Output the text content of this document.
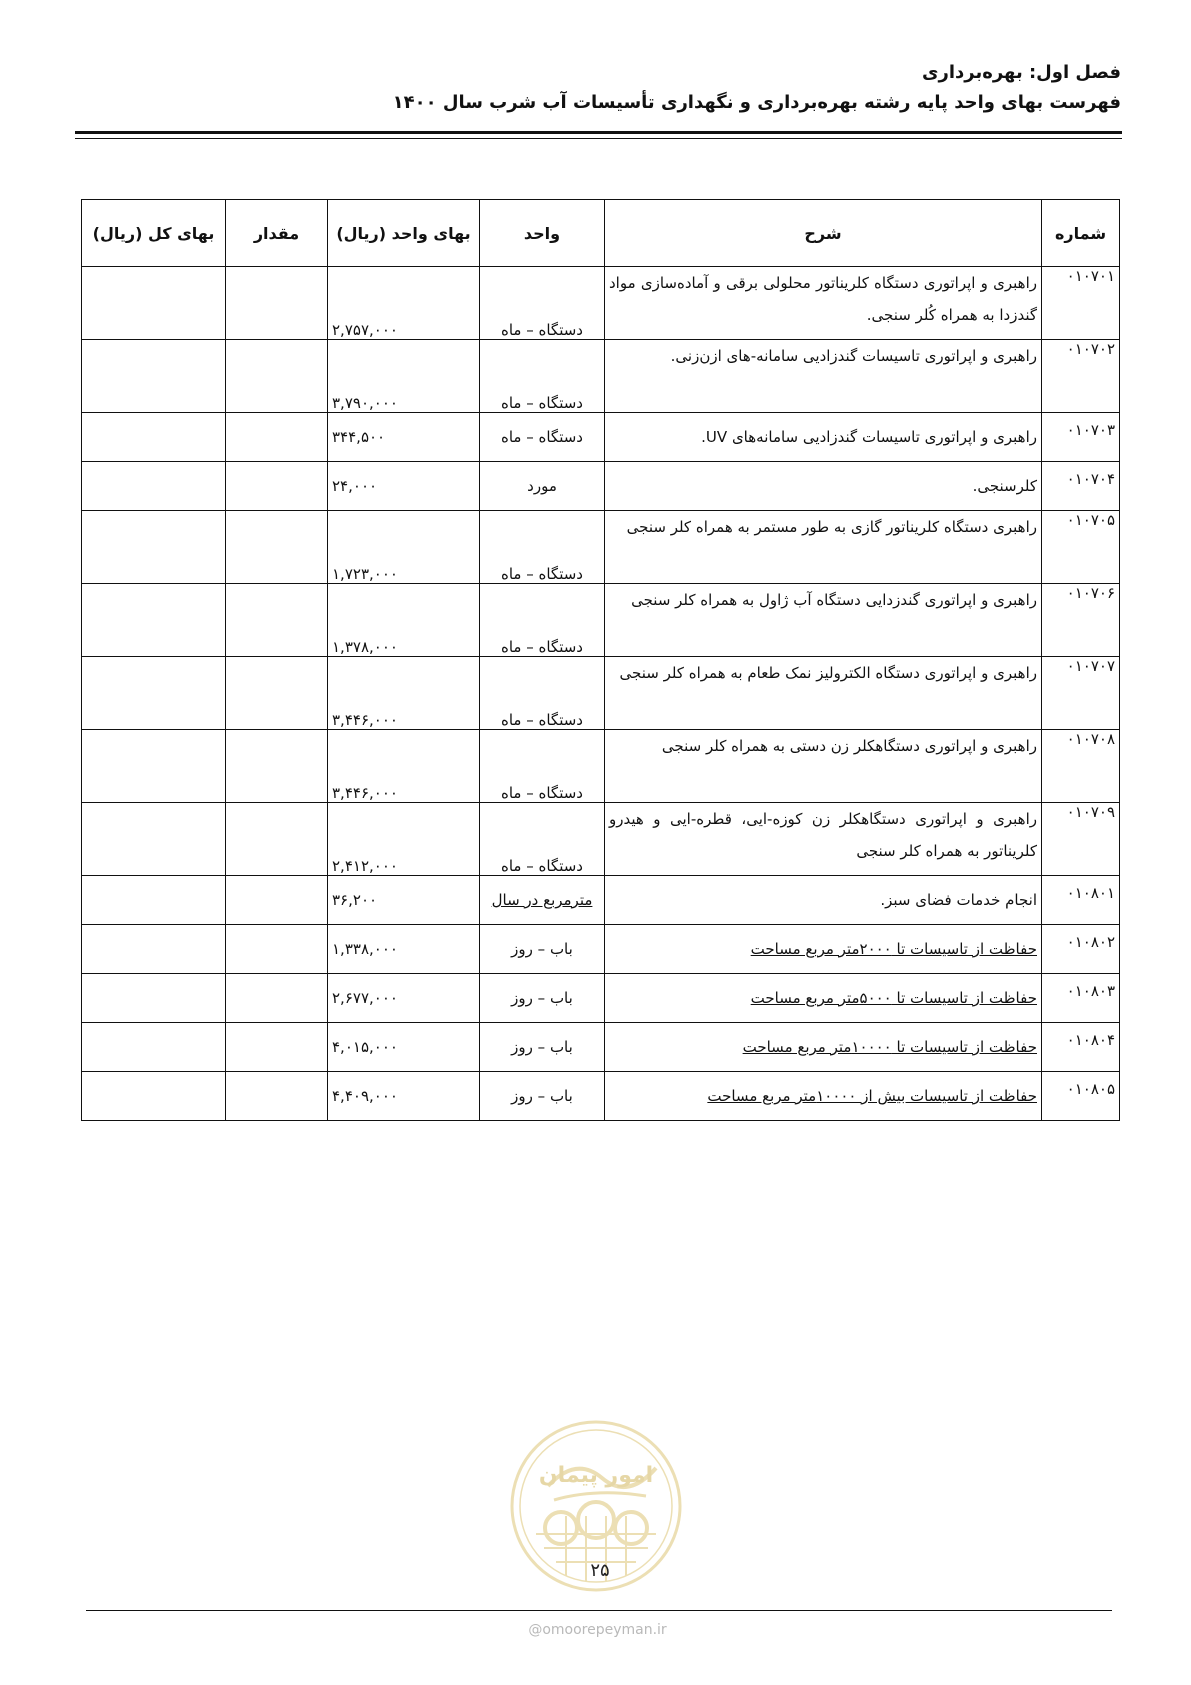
فصل اول: بهره‌برداری
فهرست بهای واحد پایه رشته بهره‌برداری و نگهداری تأسیسات آب شرب سال ۱۴۰۰
شماره	شرح	واحد	بهای واحد (ریال)	مقدار	بهای کل (ریال)
۰۱۰۷۰۱	راهبری و اپراتوری دستگاه کلریناتور محلولی برقی و آماده‌سازی مواد گندزدا به همراه کُلر سنجی.	دستگاه – ماه	۲,۷۵۷,۰۰۰		
۰۱۰۷۰۲	راهبری و اپراتوری تاسیسات گندزادیی سامانه-های ازن‌زنی.	دستگاه – ماه	۳,۷۹۰,۰۰۰		
۰۱۰۷۰۳	راهبری و اپراتوری تاسیسات گندزادیی سامانه‌های UV.	دستگاه – ماه	۳۴۴,۵۰۰		
۰۱۰۷۰۴	کلرسنجی.	مورد	۲۴,۰۰۰		
۰۱۰۷۰۵	راهبری دستگاه کلریناتور گازی به طور مستمر به همراه کلر سنجی	دستگاه – ماه	۱,۷۲۳,۰۰۰		
۰۱۰۷۰۶	راهبری و اپراتوری گندزدایی دستگاه آب ژاول به همراه کلر سنجی	دستگاه – ماه	۱,۳۷۸,۰۰۰		
۰۱۰۷۰۷	راهبری و اپراتوری دستگاه الکترولیز نمک طعام به همراه کلر سنجی	دستگاه – ماه	۳,۴۴۶,۰۰۰		
۰۱۰۷۰۸	راهبری و اپراتوری دستگاهکلر زن دستی به همراه کلر سنجی	دستگاه – ماه	۳,۴۴۶,۰۰۰		
۰۱۰۷۰۹	راهبری و اپراتوری دستگاهکلر زن کوزه-ایی، قطره-ایی و هیدرو کلریناتور به همراه کلر سنجی	دستگاه – ماه	۲,۴۱۲,۰۰۰		
۰۱۰۸۰۱	انجام خدمات فضای سبز.	مترمربع در سال	۳۶,۲۰۰		
۰۱۰۸۰۲	حفاظت از تاسیسات تا ۲۰۰۰متر مربع مساحت	باب – روز	۱,۳۳۸,۰۰۰		
۰۱۰۸۰۳	حفاظت از تاسیسات تا ۵۰۰۰متر مربع مساحت	باب – روز	۲,۶۷۷,۰۰۰		
۰۱۰۸۰۴	حفاظت از تاسیسات تا ۱۰۰۰۰متر مربع مساحت	باب – روز	۴,۰۱۵,۰۰۰		
۰۱۰۸۰۵	حفاظت از تاسیسات بیش از ۱۰۰۰۰متر مربع مساحت	باب – روز	۴,۴۰۹,۰۰۰		
امور پیمان
۲۵
@omoorepeyman.ir
